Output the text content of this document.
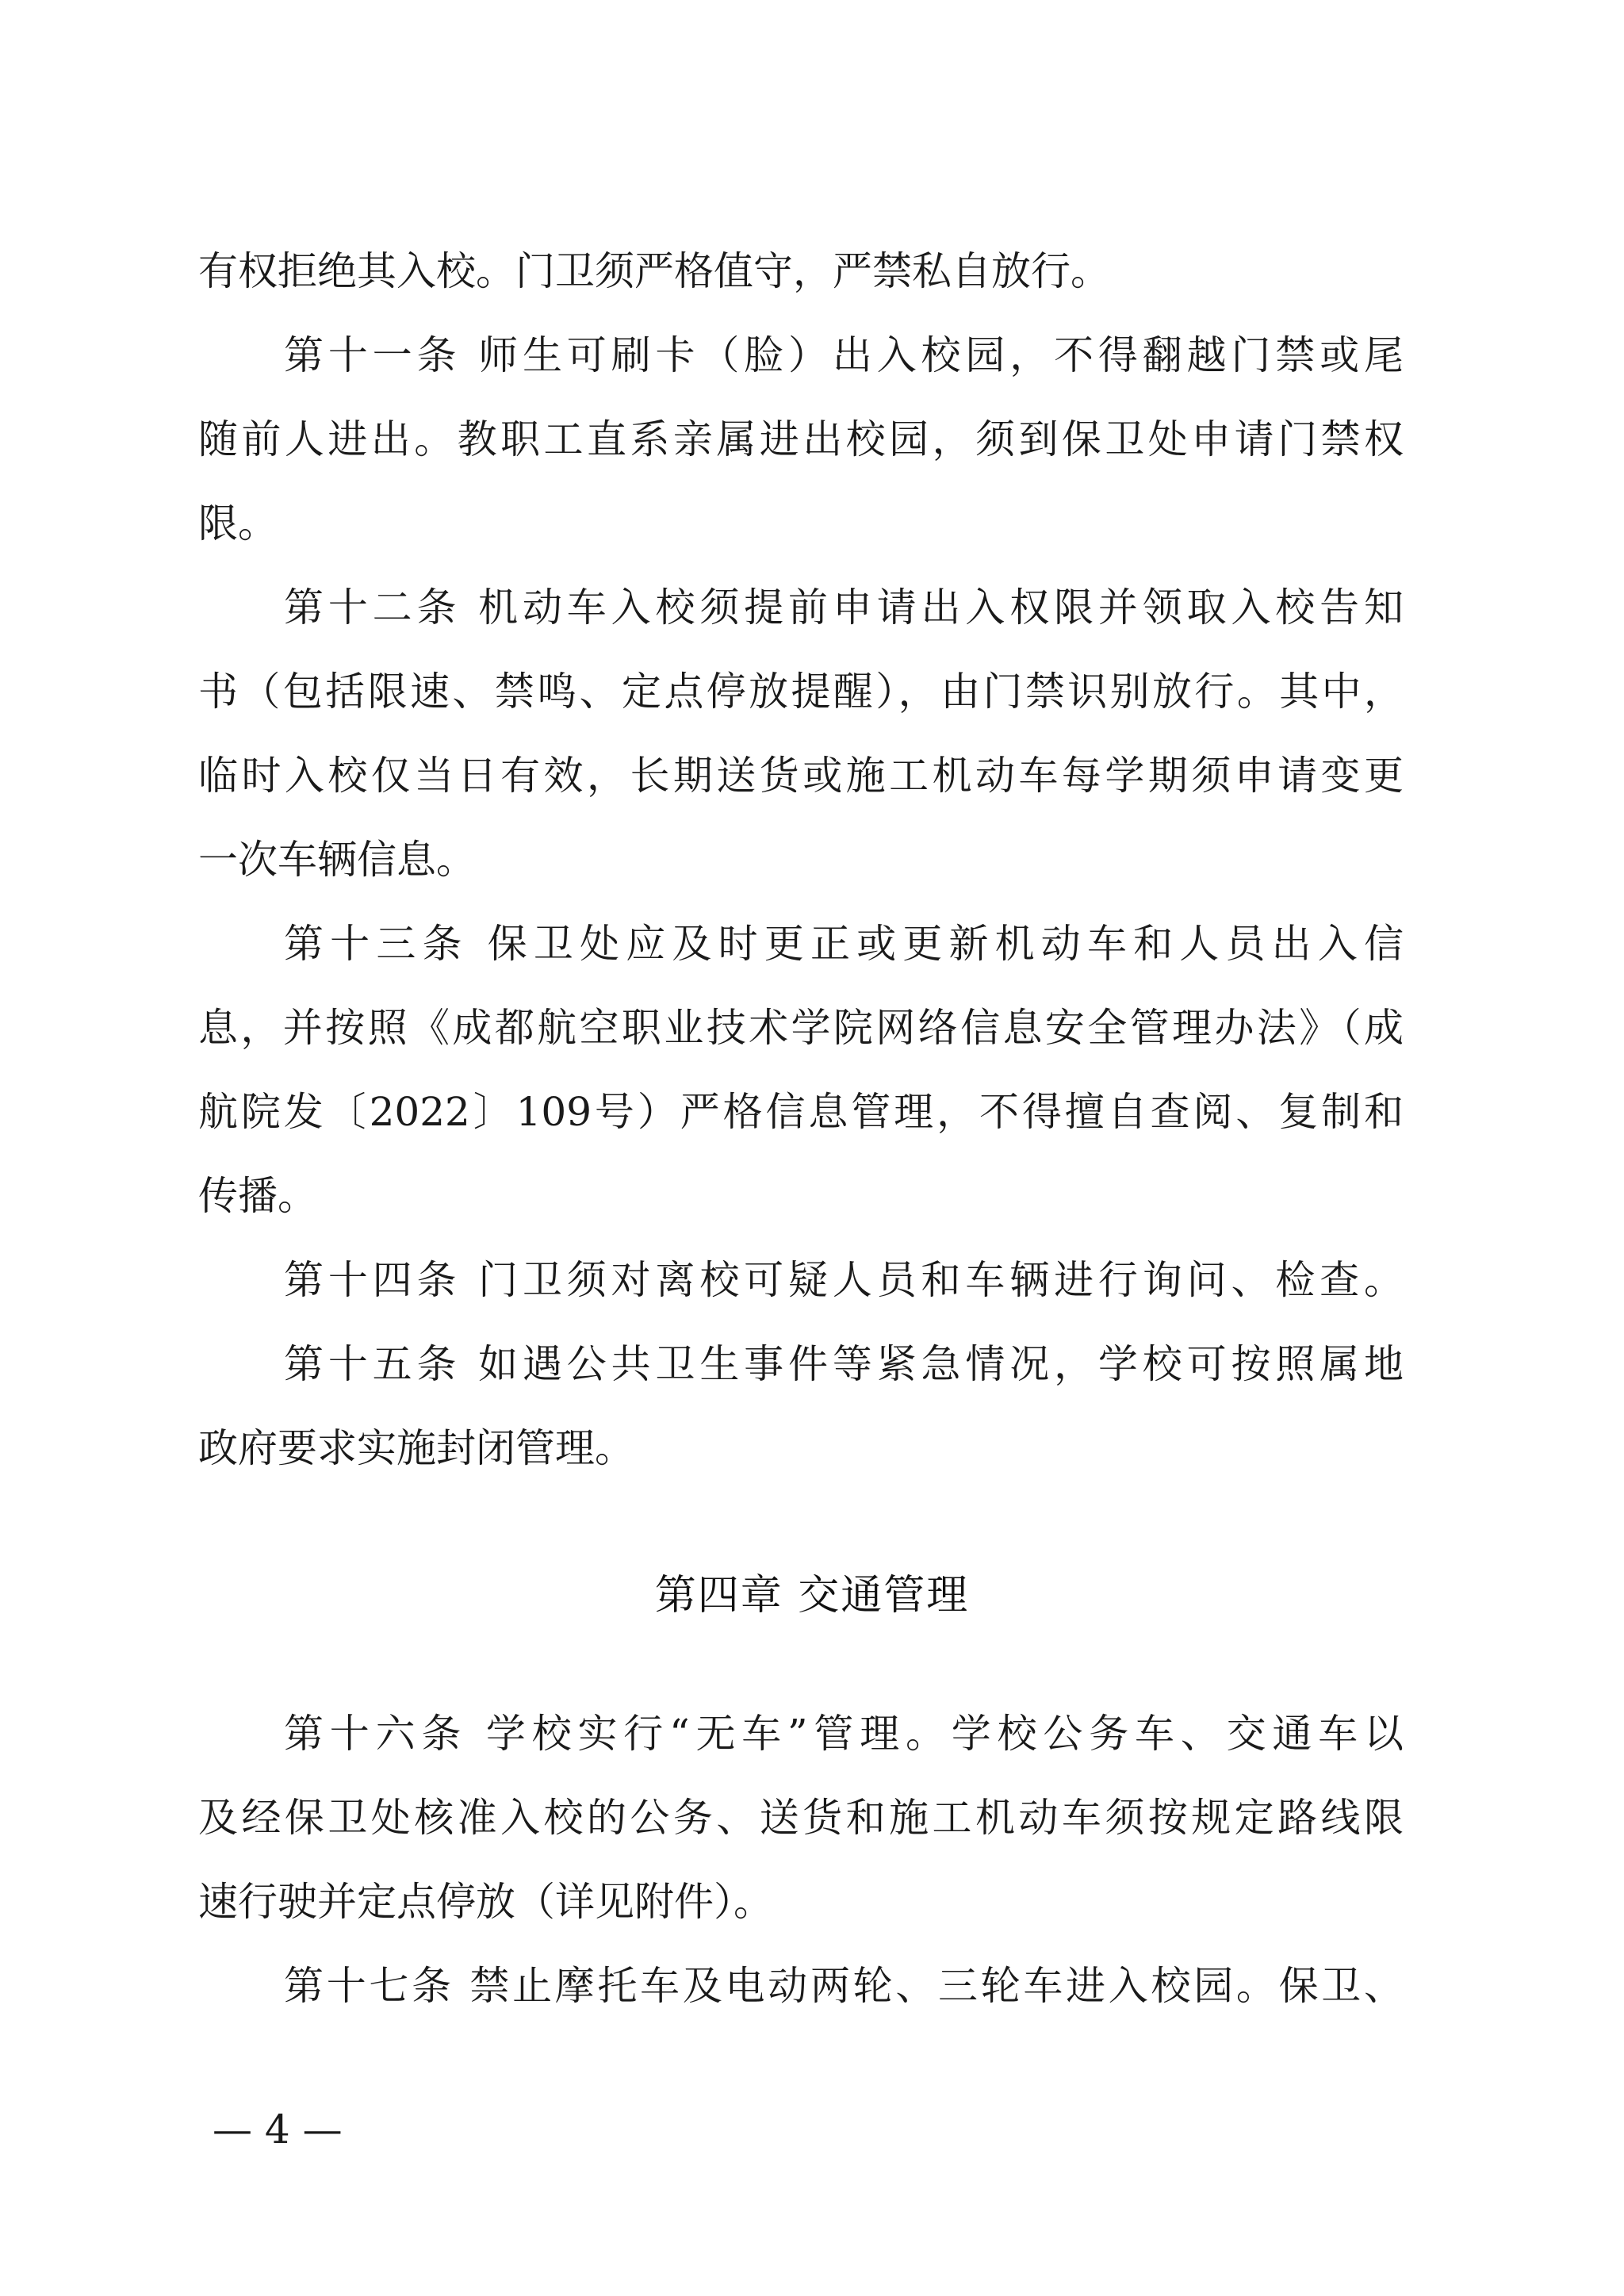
有权拒绝其入校。门卫须严格值守，严禁私自放行。
第十一条 师生可刷卡（脸）出入校园，不得翻越门禁或尾
随前人进出。教职工直系亲属进出校园，须到保卫处申请门禁权
限。
第十二条 机动车入校须提前申请出入权限并领取入校告知
书（包括限速、禁鸣、定点停放提醒），由门禁识别放行。其中，
临时入校仅当日有效，长期送货或施工机动车每学期须申请变更
一次车辆信息。
第十三条 保卫处应及时更正或更新机动车和人员出入信
息，并按照《成都航空职业技术学院网络信息安全管理办法》（成
航院发〔2022〕109号）严格信息管理，不得擅自查阅、复制和
传播。
第十四条 门卫须对离校可疑人员和车辆进行询问、检查。
第十五条 如遇公共卫生事件等紧急情况，学校可按照属地
政府要求实施封闭管理。
第四章 交通管理
第十六条 学校实行“无车”管理。学校公务车、交通车以
及经保卫处核准入校的公务、送货和施工机动车须按规定路线限
速行驶并定点停放（详见附件）。
第十七条 禁止摩托车及电动两轮、三轮车进入校园。保卫、
— 4 —
